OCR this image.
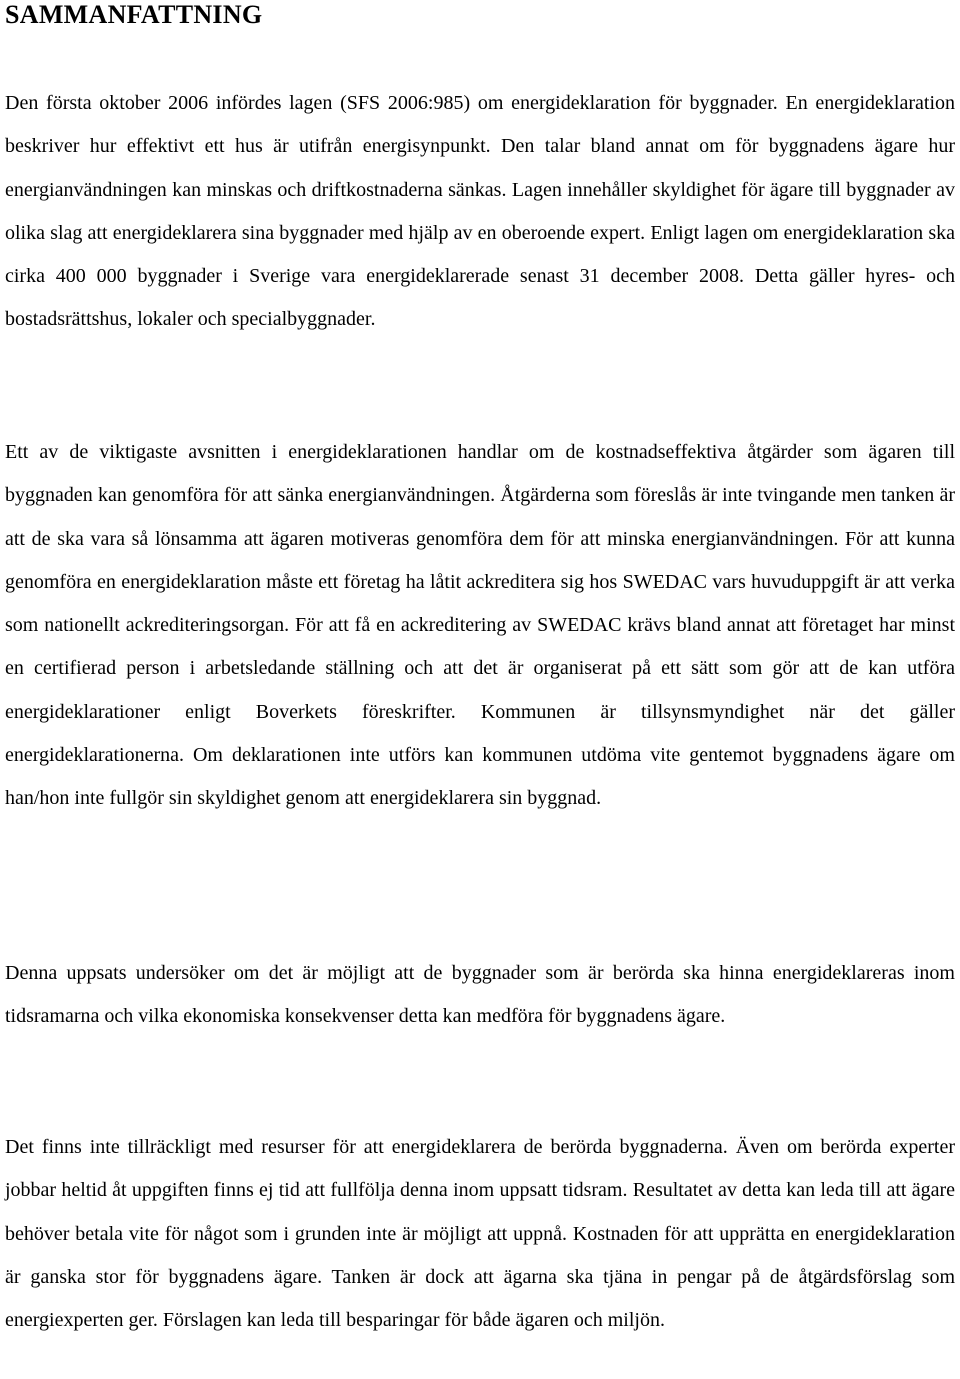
SAMMANFATTNING

Den första oktober 2006 infördes lagen (SFS 2006:985) om energideklaration för byggnader. En energideklaration beskriver hur effektivt ett hus är utifrån energisynpunkt. Den talar bland annat om för byggnadens ägare hur energianvändningen kan minskas och driftkostnaderna sänkas. Lagen innehåller skyldighet för ägare till byggnader av olika slag att energideklarera sina byggnader med hjälp av en oberoende expert. Enligt lagen om energideklaration ska cirka 400 000 byggnader i Sverige vara energideklarerade senast 31 december 2008. Detta gäller hyres- och bostadsrättshus, lokaler och specialbyggnader.

Ett av de viktigaste avsnitten i energideklarationen handlar om de kostnadseffektiva åtgärder som ägaren till byggnaden kan genomföra för att sänka energianvändningen. Åtgärderna som föreslås är inte tvingande men tanken är att de ska vara så lönsamma att ägaren motiveras genomföra dem för att minska energianvändningen. För att kunna genomföra en energideklaration måste ett företag ha låtit ackreditera sig hos SWEDAC vars huvuduppgift är att verka som nationellt ackrediteringsorgan. För att få en ackreditering av SWEDAC krävs bland annat att företaget har minst en certifierad person i arbetsledande ställning och att det är organiserat på ett sätt som gör att de kan utföra energideklarationer enligt Boverkets föreskrifter. Kommunen är tillsynsmyndighet när det gäller energideklarationerna. Om deklarationen inte utförs kan kommunen utdöma vite gentemot byggnadens ägare om han/hon inte fullgör sin skyldighet genom att energideklarera sin byggnad.

Denna uppsats undersöker om det är möjligt att de byggnader som är berörda ska hinna energideklareras inom tidsramarna och vilka ekonomiska konsekvenser detta kan medföra för byggnadens ägare.

Det finns inte tillräckligt med resurser för att energideklarera de berörda byggnaderna. Även om berörda experter jobbar heltid åt uppgiften finns ej tid att fullfölja denna inom uppsatt tidsram. Resultatet av detta kan leda till att ägare behöver betala vite för något som i grunden inte är möjligt att uppnå. Kostnaden för att upprätta en energideklaration är ganska stor för byggnadens ägare. Tanken är dock att ägarna ska tjäna in pengar på de åtgärdsförslag som energiexperten ger. Förslagen kan leda till besparingar för både ägaren och miljön.
